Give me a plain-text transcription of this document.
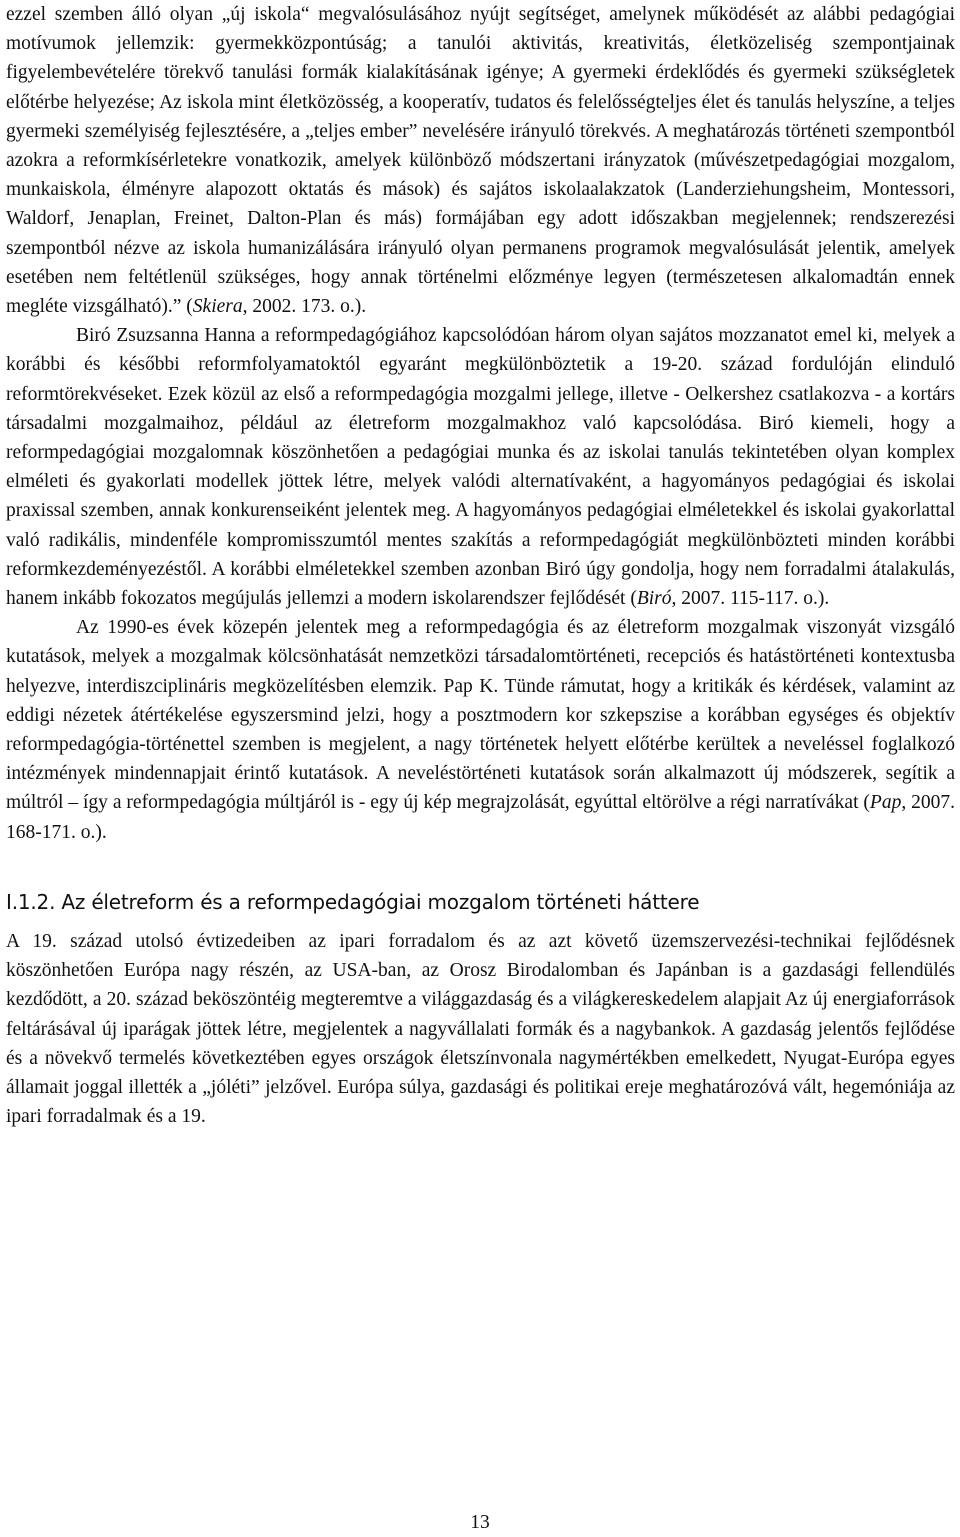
ezzel szemben álló olyan „új iskola“ megvalósulásához nyújt segítséget, amelynek működését az alábbi pedagógiai motívumok jellemzik: gyermekközpontúság; a tanulói aktivitás, kreativitás, életközeliség szempontjainak figyelembevételére törekvő tanulási formák kialakításának igénye; A gyermeki érdeklődés és gyermeki szükségletek előtérbe helyezése; Az iskola mint életközösség, a kooperatív, tudatos és felelősségteljes élet és tanulás helyszíne, a teljes gyermeki személyiség fejlesztésére, a „teljes ember” nevelésére irányuló törekvés. A meghatározás történeti szempontból azokra a reformkísérletekre vonatkozik, amelyek különböző módszertani irányzatok (művészetpedagógiai mozgalom, munkaiskola, élményre alapozott oktatás és mások) és sajátos iskolaalakzatok (Landerziehungsheim, Montessori, Waldorf, Jenaplan, Freinet, Dalton-Plan és más) formájában egy adott időszakban megjelennek; rendszerezési szempontból nézve az iskola humanizálására irányuló olyan permanens programok megvalósulását jelentik, amelyek esetében nem feltétlenül szükséges, hogy annak történelmi előzménye legyen (természetesen alkalomadtán ennek megléte vizsgálható).” (Skiera, 2002. 173. o.).

Biró Zsuzsanna Hanna a reformpedagógiához kapcsolódóan három olyan sajátos mozzanatot emel ki, melyek a korábbi és későbbi reformfolyamatoktól egyaránt megkülönböztetik a 19-20. század fordulóján elinduló reformtörekvéseket. Ezek közül az első a reformpedagógia mozgalmi jellege, illetve - Oelkershez csatlakozva - a kortárs társadalmi mozgalmaihoz, például az életreform mozgalmakhoz való kapcsolódása. Biró kiemeli, hogy a reformpedagógiai mozgalomnak köszönhetően a pedagógiai munka és az iskolai tanulás tekintetében olyan komplex elméleti és gyakorlati modellek jöttek létre, melyek valódi alternatívaként, a hagyományos pedagógiai és iskolai praxissal szemben, annak konkurenseiként jelentek meg. A hagyományos pedagógiai elméletekkel és iskolai gyakorlattal való radikális, mindenféle kompromisszumtól mentes szakítás a reformpedagógiát megkülönbözteti minden korábbi reformkezdeményezéstől. A korábbi elméletekkel szemben azonban Biró úgy gondolja, hogy nem forradalmi átalakulás, hanem inkább fokozatos megújulás jellemzi a modern iskolarendszer fejlődését (Biró, 2007. 115-117. o.).

Az 1990-es évek közepén jelentek meg a reformpedagógia és az életreform mozgalmak viszonyát vizsgáló kutatások, melyek a mozgalmak kölcsönhatását nemzetközi társadalomtörténeti, recepciós és hatástörténeti kontextusba helyezve, interdiszciplináris megközelítésben elemzik. Pap K. Tünde rámutat, hogy a kritikák és kérdések, valamint az eddigi nézetek átértékelése egyszersmind jelzi, hogy a posztmodern kor szkepszise a korábban egységes és objektív reformpedagógia-történettel szemben is megjelent, a nagy történetek helyett előtérbe kerültek a neveléssel foglalkozó intézmények mindennapjait érintő kutatások. A neveléstörténeti kutatások során alkalmazott új módszerek, segítik a múltról – így a reformpedagógia múltjáról is - egy új kép megrajzolását, egyúttal eltörölve a régi narratívákat (Pap, 2007. 168-171. o.).

I.1.2. Az életreform és a reformpedagógiai mozgalom történeti háttere

A 19. század utolsó évtizedeiben az ipari forradalom és az azt követő üzemszervezési-technikai fejlődésnek köszönhetően Európa nagy részén, az USA-ban, az Orosz Birodalomban és Japánban is a gazdasági fellendülés kezdődött, a 20. század beköszöntéig megteremtve a világgazdaság és a világkereskedelem alapjait Az új energiaforrások feltárásával új iparágak jöttek létre, megjelentek a nagyvállalati formák és a nagybankok. A gazdaság jelentős fejlődése és a növekvő termelés következtében egyes országok életszínvonala nagymértékben emelkedett, Nyugat-Európa egyes államait joggal illették a „jóléti” jelzővel. Európa súlya, gazdasági és politikai ereje meghatározóvá vált, hegemóniája az ipari forradalmak és a 19.

13
